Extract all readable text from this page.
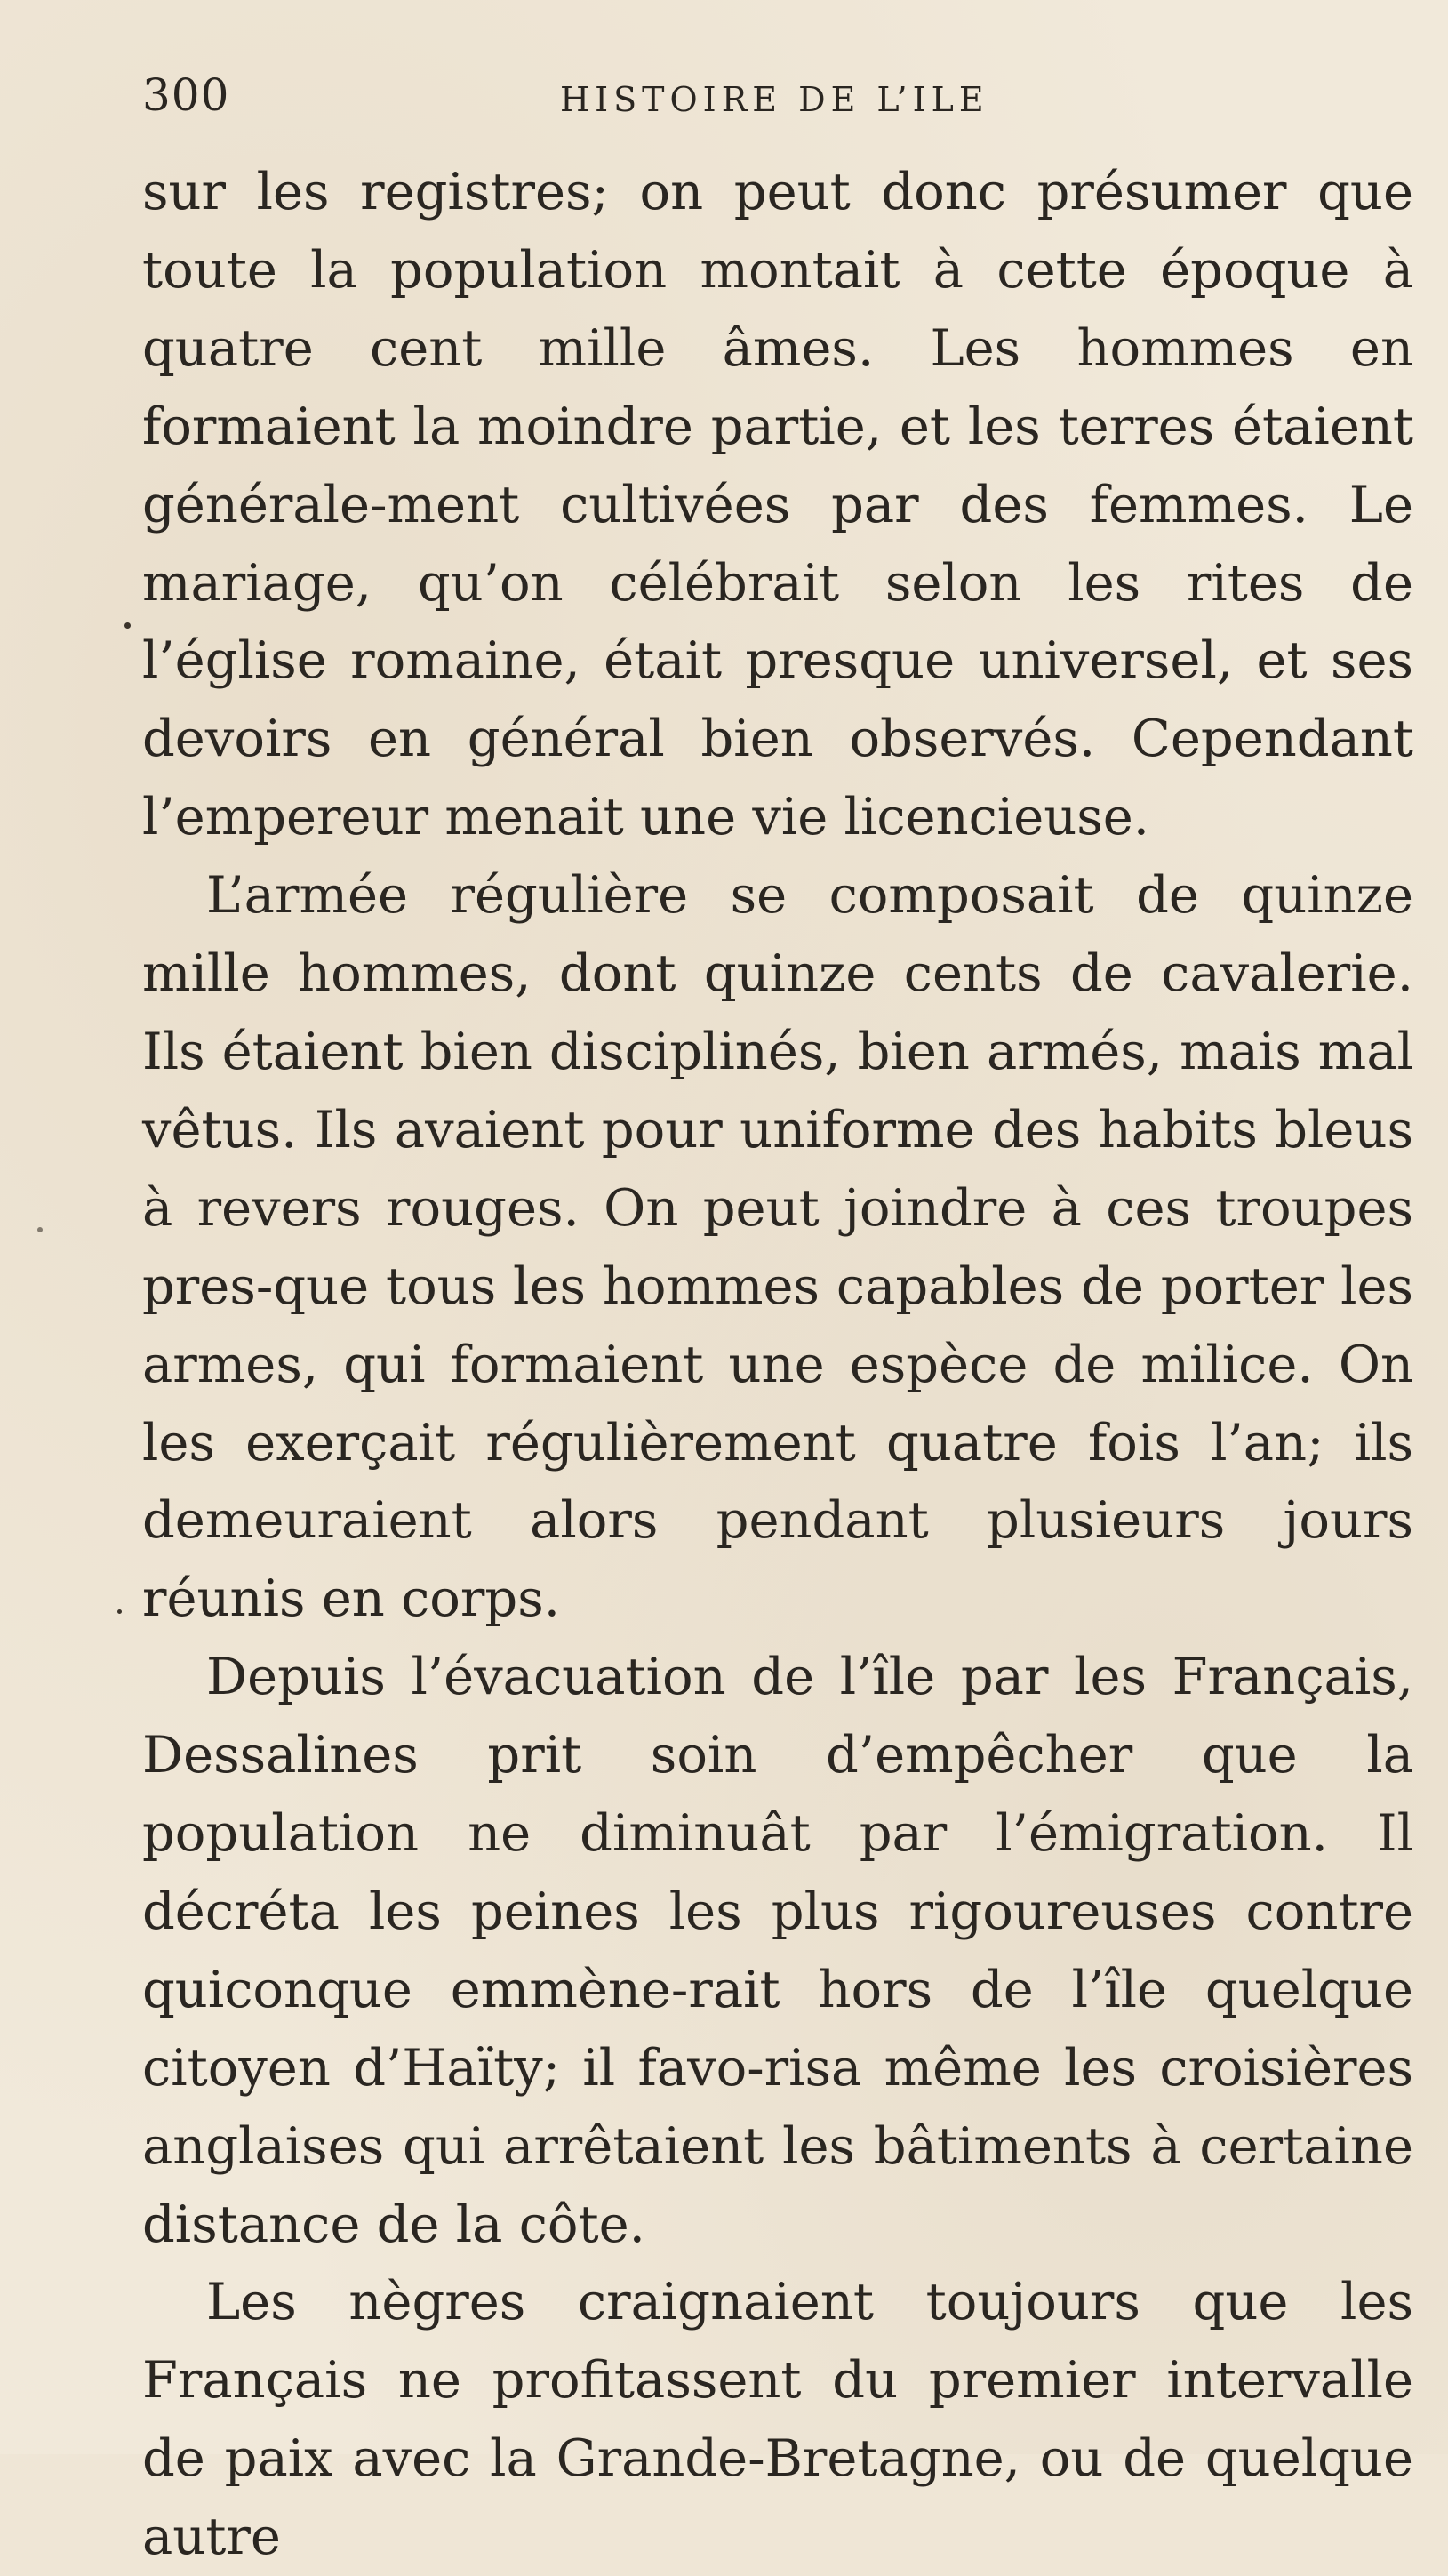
300	HISTOIRE DE L’ILE

sur les registres; on peut donc présumer que toute la population montait à cette époque à quatre cent mille âmes. Les hommes en formaient la moindre partie, et les terres étaient générale-ment cultivées par des femmes. Le mariage, qu’on célébrait selon les rites de l’église romaine, était presque universel, et ses devoirs en général bien observés. Cependant l’empereur menait une vie licencieuse.

L’armée régulière se composait de quinze mille hommes, dont quinze cents de cavalerie. Ils étaient bien disciplinés, bien armés, mais mal vêtus. Ils avaient pour uniforme des habits bleus à revers rouges. On peut joindre à ces troupes pres-que tous les hommes capables de porter les armes, qui formaient une espèce de milice. On les exerçait régulièrement quatre fois l’an; ils demeuraient alors pendant plusieurs jours réunis en corps.

Depuis l’évacuation de l’île par les Français, Dessalines prit soin d’empêcher que la population ne diminuât par l’émigration. Il décréta les peines les plus rigoureuses contre quiconque emmène-rait hors de l’île quelque citoyen d’Haïty; il favo-risa même les croisières anglaises qui arrêtaient les bâtiments à certaine distance de la côte.

Les nègres craignaient toujours que les Français ne profitassent du premier intervalle de paix avec la Grande-Bretagne, ou de quelque autre
